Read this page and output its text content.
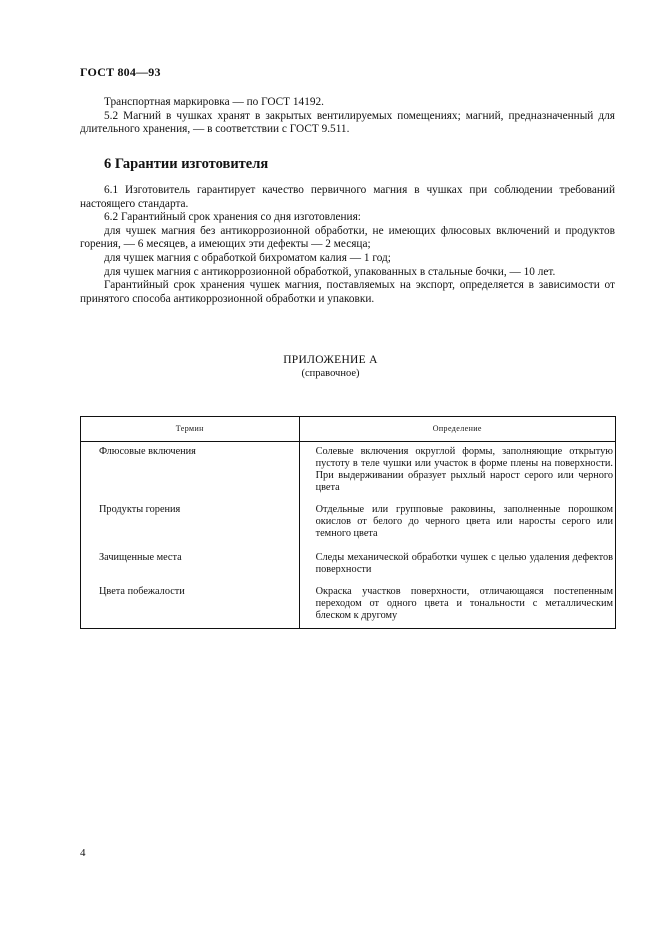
ГОСТ 804—93

Транспортная маркировка — по ГОСТ 14192.

5.2 Магний в чушках хранят в закрытых вентилируемых помещениях; магний, предназначенный для длительного хранения, — в соответствии с ГОСТ 9.511.

6 Гарантии изготовителя

6.1 Изготовитель гарантирует качество первичного магния в чушках при соблюдении требований настоящего стандарта.

6.2 Гарантийный срок хранения со дня изготовления:

для чушек магния без антикоррозионной обработки, не имеющих флюсовых включений и продуктов горения, — 6 месяцев, а имеющих эти дефекты — 2 месяца;

для чушек магния с обработкой бихроматом калия — 1 год;

для чушек магния с антикоррозионной обработкой, упакованных в стальные бочки, — 10 лет.

Гарантийный срок хранения чушек магния, поставляемых на экспорт, определяется в зависимости от принятого способа антикоррозионной обработки и упаковки.

ПРИЛОЖЕНИЕ А
(справочное)
Термин	Определение
Флюсовые включения	Солевые включения округлой формы, заполняющие открытую пустоту в теле чушки или участок в форме плены на поверхности. При выдерживании образует рыхлый нарост серого или черного цвета
Продукты горения	Отдельные или групповые раковины, заполненные порошком окислов от белого до черного цвета или наросты серого или темного цвета
Зачищенные места	Следы механической обработки чушек с целью удаления дефектов поверхности
Цвета побежалости	Окраска участков поверхности, отличающаяся постепенным переходом от одного цвета и тональности с металлическим блеском к другому
4
